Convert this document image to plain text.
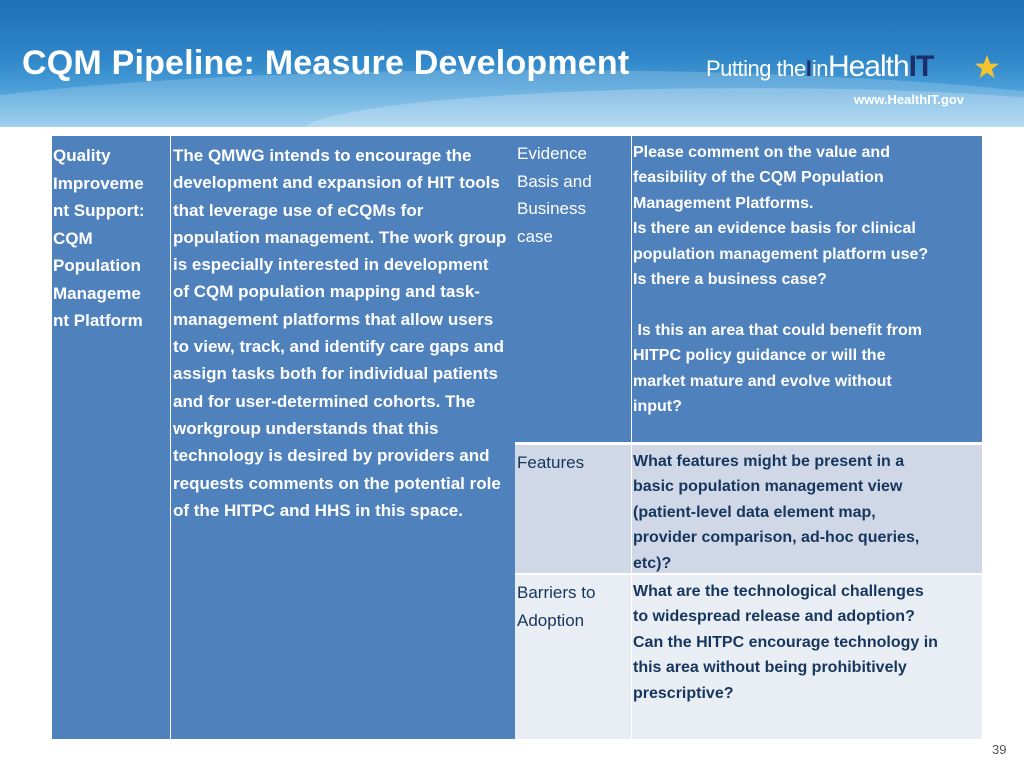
CQM Pipeline: Measure Development	Putting theIinHealthIT
www.HealthIT.gov
Quality
Improveme
nt Support:
CQM
Population
Manageme
nt Platform
The QMWG intends to encourage the development and expansion of HIT tools that leverage use of eCQMs for population management. The work group is especially interested in development of CQM population mapping and task-management platforms that allow users to view, track, and identify care gaps and assign tasks both for individual patients and for user-determined cohorts. The workgroup understands that this technology is desired by providers and requests comments on the potential role of the HITPC and HHS in this space.
Evidence
Basis and
Business
case
Please comment on the value and
feasibility of the CQM Population
Management Platforms.
Is there an evidence basis for clinical
population management platform use?
Is there a business case?
Is this an area that could benefit from
HITPC policy guidance or will the
market mature and evolve without
input?
Features	What features might be present in a
basic population management view
(patient-level data element map,
provider comparison, ad-hoc queries,
etc)?
Barriers to
Adoption
What are the technological challenges
to widespread release and adoption?
Can the HITPC encourage technology in
this area without being prohibitively
prescriptive?
39
